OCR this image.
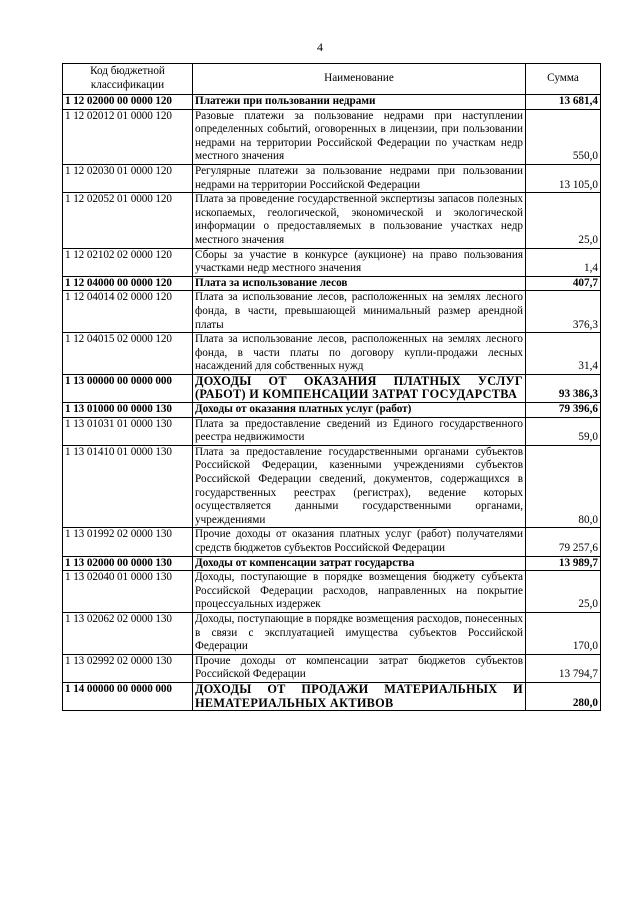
4
Код бюджетной классификации	Наименование	Сумма
1 12 02000 00 0000 120	Платежи при пользовании недрами	13 681,4
1 12 02012 01 0000 120	Разовые платежи за пользование недрами при наступлении определенных событий, оговоренных в лицензии, при пользовании недрами на территории Российской Федерации по участкам недр местного значения	550,0
1 12 02030 01 0000 120	Регулярные платежи за пользование недрами при пользовании недрами на территории Российской Федерации	13 105,0
1 12 02052 01 0000 120	Плата за проведение государственной экспертизы запасов полезных ископаемых, геологической, экономической и экологической информации о предоставляемых в пользование участках недр местного значения	25,0
1 12 02102 02 0000 120	Сборы за участие в конкурсе (аукционе) на право пользования участками недр местного значения	1,4
1 12 04000 00 0000 120	Плата за использование лесов	407,7
1 12 04014 02 0000 120	Плата за использование лесов, расположенных на землях лесного фонда, в части, превышающей минимальный размер арендной платы	376,3
1 12 04015 02 0000 120	Плата за использование лесов, расположенных на землях лесного фонда, в части платы по договору купли-продажи лесных насаждений для собственных нужд	31,4
1 13 00000 00 0000 000	ДОХОДЫ ОТ ОКАЗАНИЯ ПЛАТНЫХ УСЛУГ (РАБОТ) И КОМПЕНСАЦИИ ЗАТРАТ ГОСУДАРСТВА	93 386,3
1 13 01000 00 0000 130	Доходы от оказания платных услуг (работ)	79 396,6
1 13 01031 01 0000 130	Плата за предоставление сведений из Единого государственного реестра недвижимости	59,0
1 13 01410 01 0000 130	Плата за предоставление государственными органами субъектов Российской Федерации, казенными учреждениями субъектов Российской Федерации сведений, документов, содержащихся в государственных реестрах (регистрах), ведение которых осуществляется данными государственными органами, учреждениями	80,0
1 13 01992 02 0000 130	Прочие доходы от оказания платных услуг (работ) получателями средств бюджетов субъектов Российской Федерации	79 257,6
1 13 02000 00 0000 130	Доходы от компенсации затрат государства	13 989,7
1 13 02040 01 0000 130	Доходы, поступающие в порядке возмещения бюджету субъекта Российской Федерации расходов, направленных на покрытие процессуальных издержек	25,0
1 13 02062 02 0000 130	Доходы, поступающие в порядке возмещения расходов, понесенных в связи с эксплуатацией имущества субъектов Российской Федерации	170,0
1 13 02992 02 0000 130	Прочие доходы от компенсации затрат бюджетов субъектов Российской Федерации	13 794,7
1 14 00000 00 0000 000	ДОХОДЫ ОТ ПРОДАЖИ МАТЕРИАЛЬНЫХ И НЕМАТЕРИАЛЬНЫХ АКТИВОВ	280,0
